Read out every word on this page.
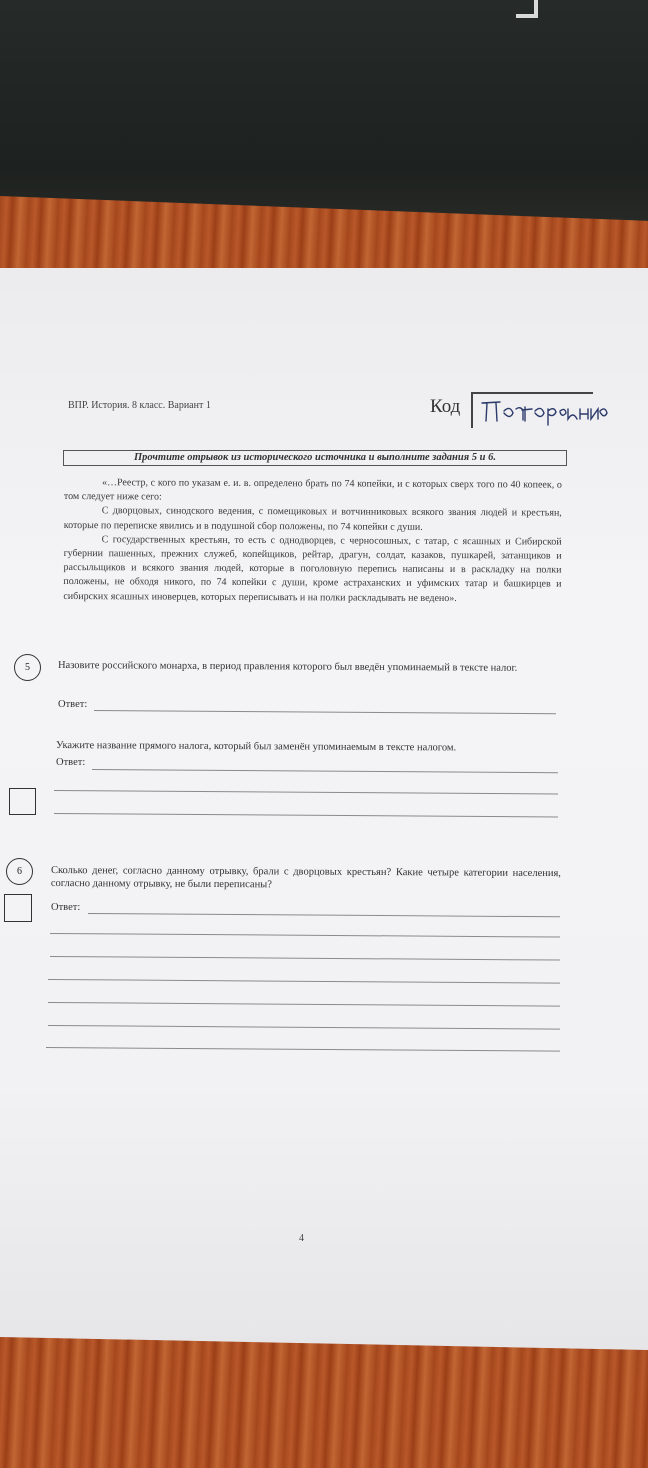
ВПР. История. 8 класс. Вариант 1	Код
Прочтите отрывок из исторического источника и выполните задания 5 и 6.

«…Реестр, с кого по указам е. и. в. определено брать по 74 копейки, и с которых сверх того по 40 копеек, о том следует ниже сего:

С дворцовых, синодского ведения, с помещиковых и вотчинниковых всякого звания людей и крестьян, которые по переписке явились и в подушной сбор положены, по 74 копейки с души.

С государственных крестьян, то есть с однодворцев, с черносошных, с татар, с ясашных и Сибирской губернии пашенных, прежних служеб, копейщиков, рейтар, драгун, солдат, казаков, пушкарей, затанщиков и рассыльщиков и всякого звания людей, которые в поголовную перепись написаны и в раскладку на полки положены, не обходя никого, по 74 копейки с души, кроме астраханских и уфимских татар и башкирцев и сибирских ясашных иноверцев, которых переписывать и на полки раскладывать не ведено».

5	Назовите российского монарха, в период правления которого был введён упоминаемый в тексте налог.
Ответ:
Укажите название прямого налога, который был заменён упоминаемым в тексте налогом.
Ответ:
6	Сколько денег, согласно данному отрывку, брали с дворцовых крестьян? Какие четыре категории населения, согласно данному отрывку, не были переписаны?
Ответ:
4
